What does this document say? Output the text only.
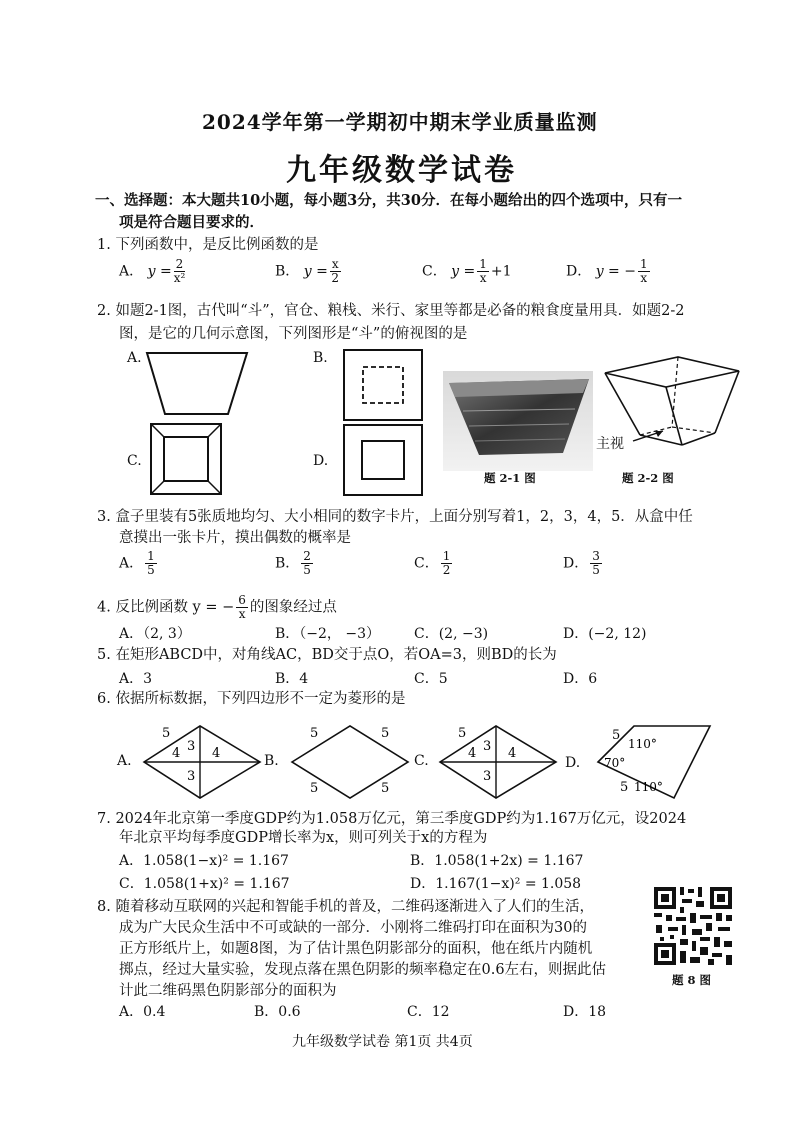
2024学年第一学期初中期末学业质量监测
九年级数学试卷
一、选择题：本大题共10小题，每小题3分，共30分．在每小题给出的四个选项中，只有一
项是符合题目要求的．
1. 下列函数中，是反比例函数的是
A． $y = \frac{2}{\text{x²}}$	B． $y = \frac{x}{2}$	C． $y = \frac{1}{x} +1$	D． y = − $\frac{1}{x}$
2. 如题2-1图，古代叫“斗”，官仓、粮栈、米行、家里等都是必备的粮食度量用具．如题2-2
图，是它的几何示意图，下列图形是“斗”的俯视图的是
A.
C.
B.
D.
题 2-1 图
主视
题 2-2 图
3. 盒子里装有5张质地均匀、大小相同的数字卡片，上面分别写着1，2，3，4，5．从盒中任
意摸出一张卡片，摸出偶数的概率是
A． $\frac{1}{5}$	B． $\frac{2}{5}$	C． $\frac{1}{2}$	D． $\frac{3}{5}$
4. 反比例函数 y = − $\frac{6}{x}$ 的图象经过点
A．（2, 3）	B．（−2， −3） C．(2, −3)	D．(−2, 12)
5. 在矩形ABCD中，对角线AC，BD交于点O，若OA=3，则BD的长为
A．3	B．4	C．5	D．6
6. 依据所标数据，下列四边形不一定为菱形的是
A.
5
4 3 4
3
B.
5	5
5	5
C.
5
4 3 4
3
D.
5
110°
70°
110°
5
7. 2024年北京第一季度GDP约为1.058万亿元，第三季度GDP约为1.167万亿元，设2024
年北京平均每季度GDP增长率为x，则可列关于x的方程为
A．1.058(1−x)² = 1.167	B．1.058(1+2x) = 1.167
C．1.058(1+x)² = 1.167	D．1.167(1−x)² = 1.058
8. 随着移动互联网的兴起和智能手机的普及，二维码逐渐进入了人们的生活，
成为广大民众生活中不可或缺的一部分．小刚将二维码打印在面积为30的
正方形纸片上，如题8图，为了估计黑色阴影部分的面积，他在纸片内随机
掷点，经过大量实验，发现点落在黑色阴影的频率稳定在0.6左右，则据此估
计此二维码黑色阴影部分的面积为
A．0.4	B．0.6	C．12	D．18
题 8 图
九年级数学试卷 第1页 共4页
